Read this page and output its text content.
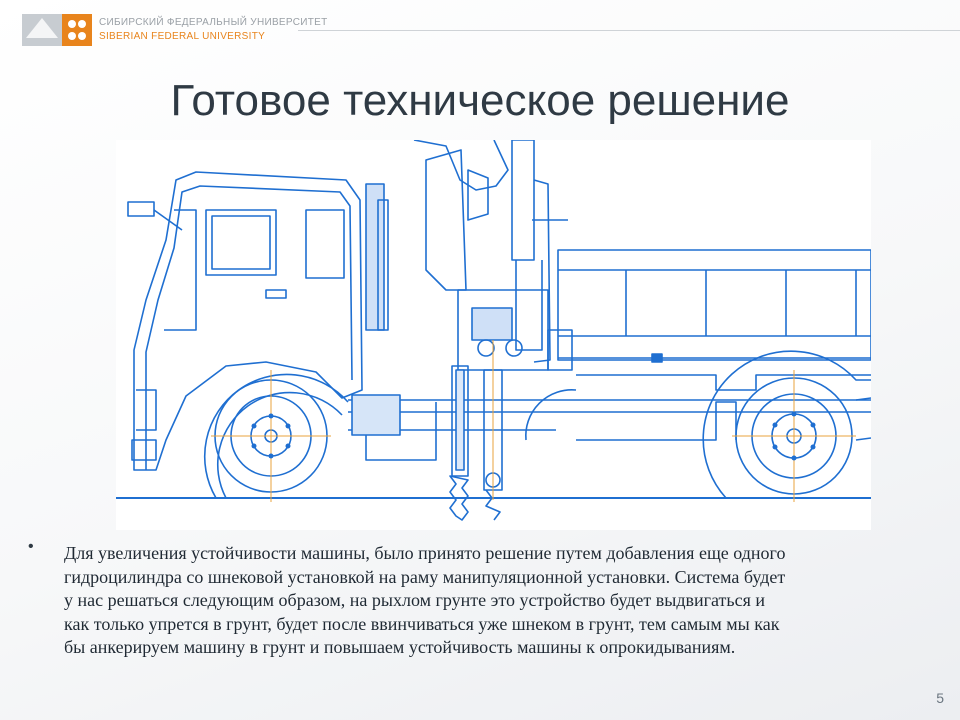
СИБИРСКИЙ ФЕДЕРАЛЬНЫЙ УНИВЕРСИТЕТ
SIBERIAN FEDERAL UNIVERSITY
Готовое техническое решение
• Для увеличения устойчивости машины, было принято решение путем добавления еще одного
гидроцилиндра со шнековой установкой на раму манипуляционной установки. Система будет
у нас решаться следующим образом, на рыхлом грунте это устройство будет выдвигаться и
как только упрется в грунт, будет после ввинчиваться уже шнеком в грунт, тем самым мы как
бы анкерируем машину в грунт и повышаем устойчивость машины к опрокидываниям.
5
